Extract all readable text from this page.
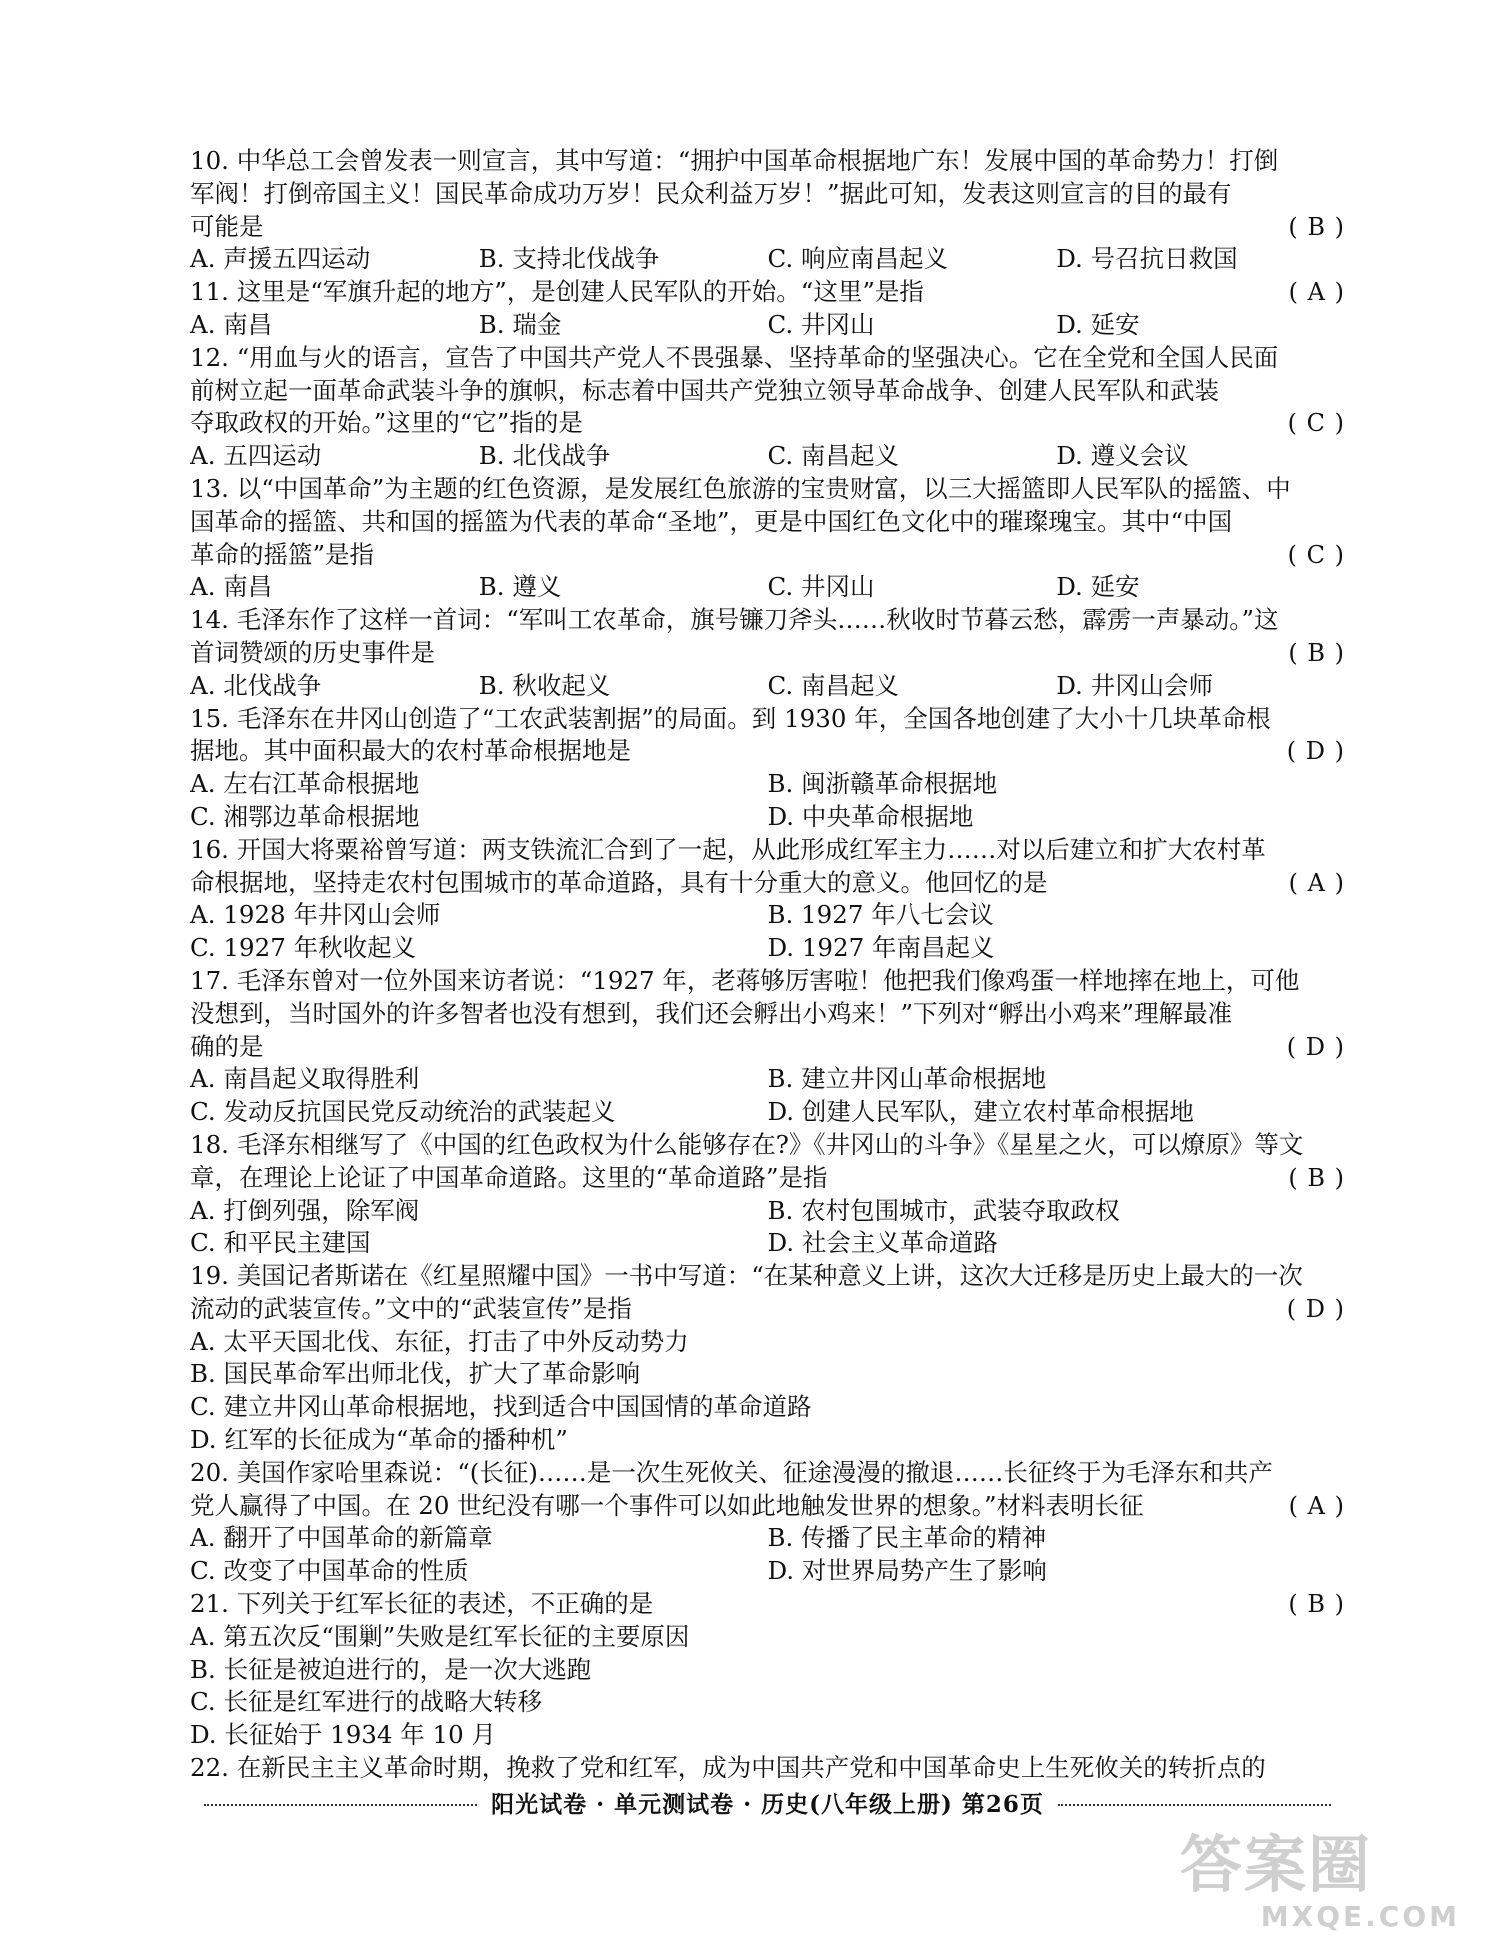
10. 中华总工会曾发表一则宣言，其中写道：“拥护中国革命根据地广东！发展中国的革命势力！打倒
军阀！打倒帝国主义！国民革命成功万岁！民众利益万岁！”据此可知，发表这则宣言的目的最有
可能是	( B )
A. 声援五四运动	B. 支持北伐战争	C. 响应南昌起义	D. 号召抗日救国
11. 这里是“军旗升起的地方”，是创建人民军队的开始。“这里”是指	( A )
A. 南昌	B. 瑞金	C. 井冈山	D. 延安
12. “用血与火的语言，宣告了中国共产党人不畏强暴、坚持革命的坚强决心。它在全党和全国人民面
前树立起一面革命武装斗争的旗帜，标志着中国共产党独立领导革命战争、创建人民军队和武装
夺取政权的开始。”这里的“它”指的是	( C )
A. 五四运动	B. 北伐战争	C. 南昌起义	D. 遵义会议
13. 以“中国革命”为主题的红色资源，是发展红色旅游的宝贵财富，以三大摇篮即人民军队的摇篮、中
国革命的摇篮、共和国的摇篮为代表的革命“圣地”，更是中国红色文化中的璀璨瑰宝。其中“中国
革命的摇篮”是指	( C )
A. 南昌	B. 遵义	C. 井冈山	D. 延安
14. 毛泽东作了这样一首词：“军叫工农革命，旗号镰刀斧头……秋收时节暮云愁，霹雳一声暴动。”这
首词赞颂的历史事件是	( B )
A. 北伐战争	B. 秋收起义	C. 南昌起义	D. 井冈山会师
15. 毛泽东在井冈山创造了“工农武装割据”的局面。到 1930 年，全国各地创建了大小十几块革命根
据地。其中面积最大的农村革命根据地是	( D )
A. 左右江革命根据地	B. 闽浙赣革命根据地
C. 湘鄂边革命根据地	D. 中央革命根据地
16. 开国大将粟裕曾写道：两支铁流汇合到了一起，从此形成红军主力……对以后建立和扩大农村革
命根据地，坚持走农村包围城市的革命道路，具有十分重大的意义。他回忆的是	( A )
A. 1928 年井冈山会师	B. 1927 年八七会议
C. 1927 年秋收起义	D. 1927 年南昌起义
17. 毛泽东曾对一位外国来访者说：“1927 年，老蒋够厉害啦！他把我们像鸡蛋一样地摔在地上，可他
没想到，当时国外的许多智者也没有想到，我们还会孵出小鸡来！”下列对“孵出小鸡来”理解最准
确的是	( D )
A. 南昌起义取得胜利	B. 建立井冈山革命根据地
C. 发动反抗国民党反动统治的武装起义	D. 创建人民军队，建立农村革命根据地
18. 毛泽东相继写了《中国的红色政权为什么能够存在?》《井冈山的斗争》《星星之火，可以燎原》等文
章，在理论上论证了中国革命道路。这里的“革命道路”是指	( B )
A. 打倒列强，除军阀	B. 农村包围城市，武装夺取政权
C. 和平民主建国	D. 社会主义革命道路
19. 美国记者斯诺在《红星照耀中国》一书中写道：“在某种意义上讲，这次大迁移是历史上最大的一次
流动的武装宣传。”文中的“武装宣传”是指	( D )
A. 太平天国北伐、东征，打击了中外反动势力
B. 国民革命军出师北伐，扩大了革命影响
C. 建立井冈山革命根据地，找到适合中国国情的革命道路
D. 红军的长征成为“革命的播种机”
20. 美国作家哈里森说：“(长征)……是一次生死攸关、征途漫漫的撤退……长征终于为毛泽东和共产
党人赢得了中国。在 20 世纪没有哪一个事件可以如此地触发世界的想象。”材料表明长征	( A )
A. 翻开了中国革命的新篇章	B. 传播了民主革命的精神
C. 改变了中国革命的性质	D. 对世界局势产生了影响
21. 下列关于红军长征的表述，不正确的是	( B )
A. 第五次反“围剿”失败是红军长征的主要原因
B. 长征是被迫进行的，是一次大逃跑
C. 长征是红军进行的战略大转移
D. 长征始于 1934 年 10 月
22. 在新民主主义革命时期，挽救了党和红军，成为中国共产党和中国革命史上生死攸关的转折点的
阳光试卷 · 单元测试卷 · 历史(八年级上册) 第26页
答案圈
MXQE.COM
